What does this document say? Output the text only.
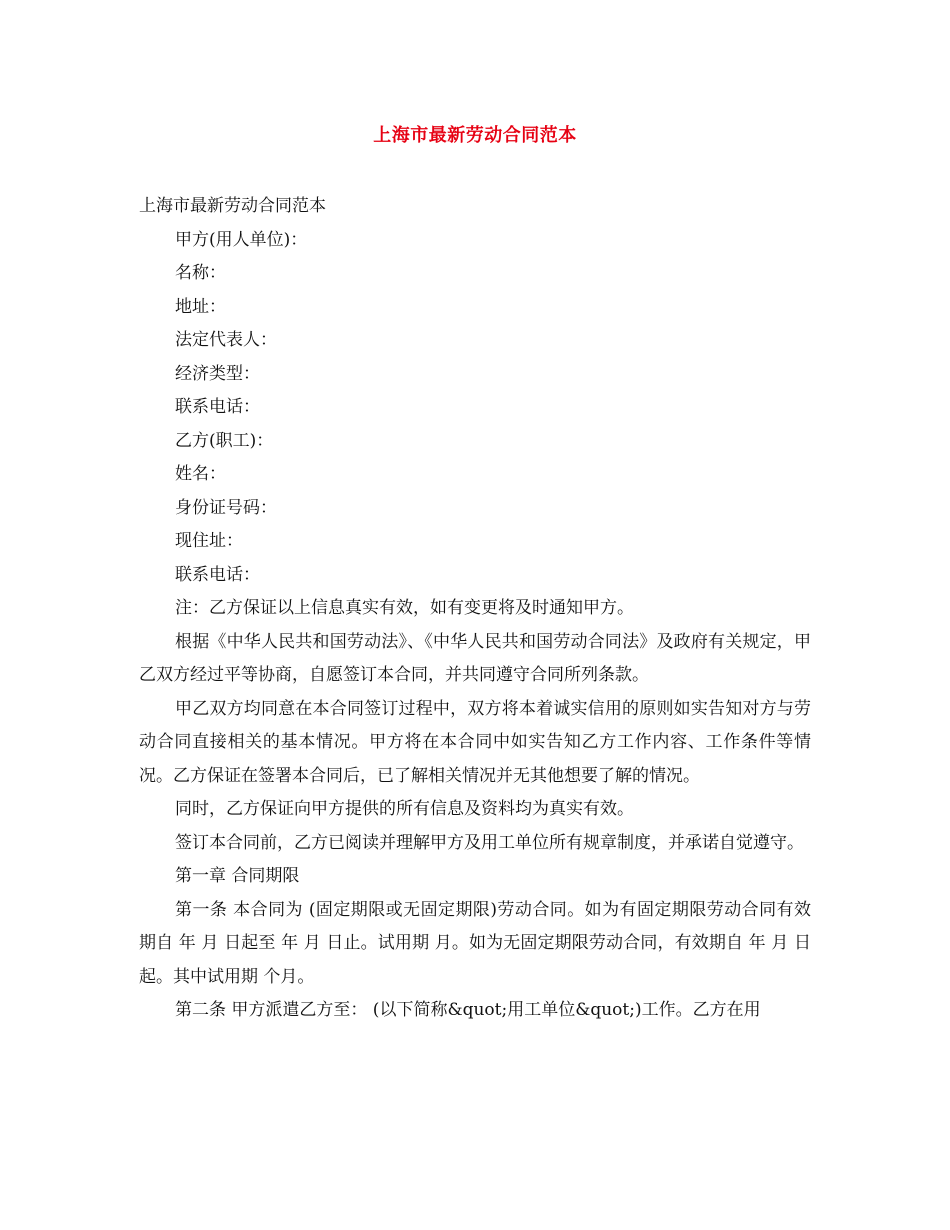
上海市最新劳动合同范本

上海市最新劳动合同范本

甲方(用人单位)：

名称：

地址：

法定代表人：

经济类型：

联系电话：

乙方(职工)：

姓名：

身份证号码：

现住址：

联系电话：

注：乙方保证以上信息真实有效，如有变更将及时通知甲方。

根据《中华人民共和国劳动法》、《中华人民共和国劳动合同法》及政府有关规定，甲乙双方经过平等协商，自愿签订本合同，并共同遵守合同所列条款。

甲乙双方均同意在本合同签订过程中，双方将本着诚实信用的原则如实告知对方与劳动合同直接相关的基本情况。甲方将在本合同中如实告知乙方工作内容、工作条件等情况。乙方保证在签署本合同后，已了解相关情况并无其他想要了解的情况。

同时，乙方保证向甲方提供的所有信息及资料均为真实有效。

签订本合同前，乙方已阅读并理解甲方及用工单位所有规章制度，并承诺自觉遵守。

第一章 合同期限

第一条 本合同为 (固定期限或无固定期限)劳动合同。如为有固定期限劳动合同有效期自 年 月 日起至 年 月 日止。试用期 月。如为无固定期限劳动合同，有效期自 年 月 日起。其中试用期 个月。

第二条 甲方派遣乙方至： (以下简称&quot;用工单位&quot;)工作。乙方在用
